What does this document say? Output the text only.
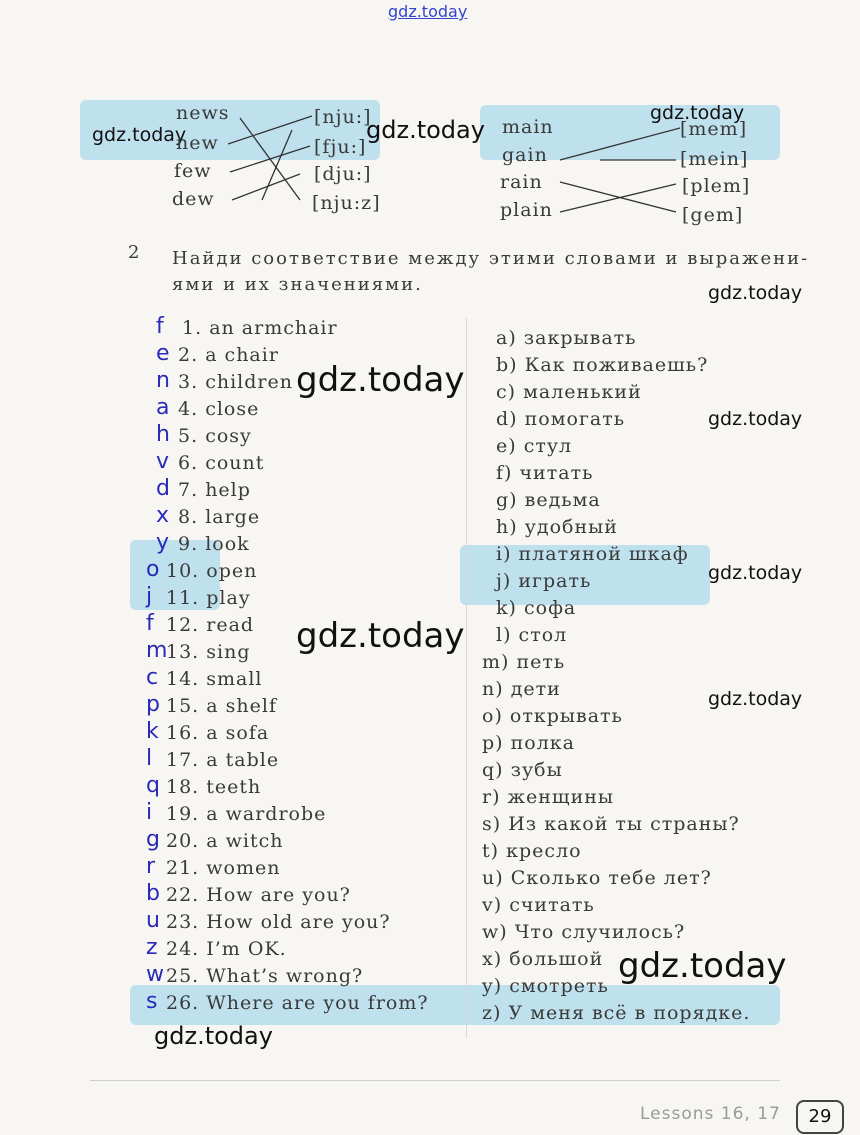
gdz.today
gdz.today	gdz.today
gdz.today
gdz.today
gdz.today
gdz.today
gdz.today
gdz.today
gdz.today
gdz.today
gdz.today
news
new
few
dew
[nju:]
[fju:]
[dju:]
[nju:z]
main
gain
rain
plain
[mem]
[mein]
[plem]
[gem]
2 Найди соответствие между этими словами и выражени-
ями и их значениями.
f 1. an armchair
e 2. a chair
n 3. children
a 4. close
h 5. cosy
v 6. count
d 7. help
x 8. large
y 9. look
o 10. open
j 11. play
f 12. read
m
13. sing
c 14. small
p 15. a shelf
k 16. a sofa
l 17. a table
q 18. teeth
i 19. a wardrobe
g 20. a witch
r 21. women
b 22. How are you?
u 23. How old are you?
z 24. I’m OK.
w 25. What’s wrong?
s 26. Where are you from?
a) закрывать
b) Как поживаешь?
c) маленький
d) помогать
e) стул
f) читать
g) ведьма
h) удобный
i) платяной шкаф
j) играть
k) софа
l) стол
m) петь
n) дети
o) открывать
p) полка
q) зубы
r) женщины
s) Из какой ты страны?
t) кресло
u) Сколько тебе лет?
v) считать
w) Что случилось?
x) большой
y) смотреть
z) У меня всё в порядке.
Lessons 16, 17	29
